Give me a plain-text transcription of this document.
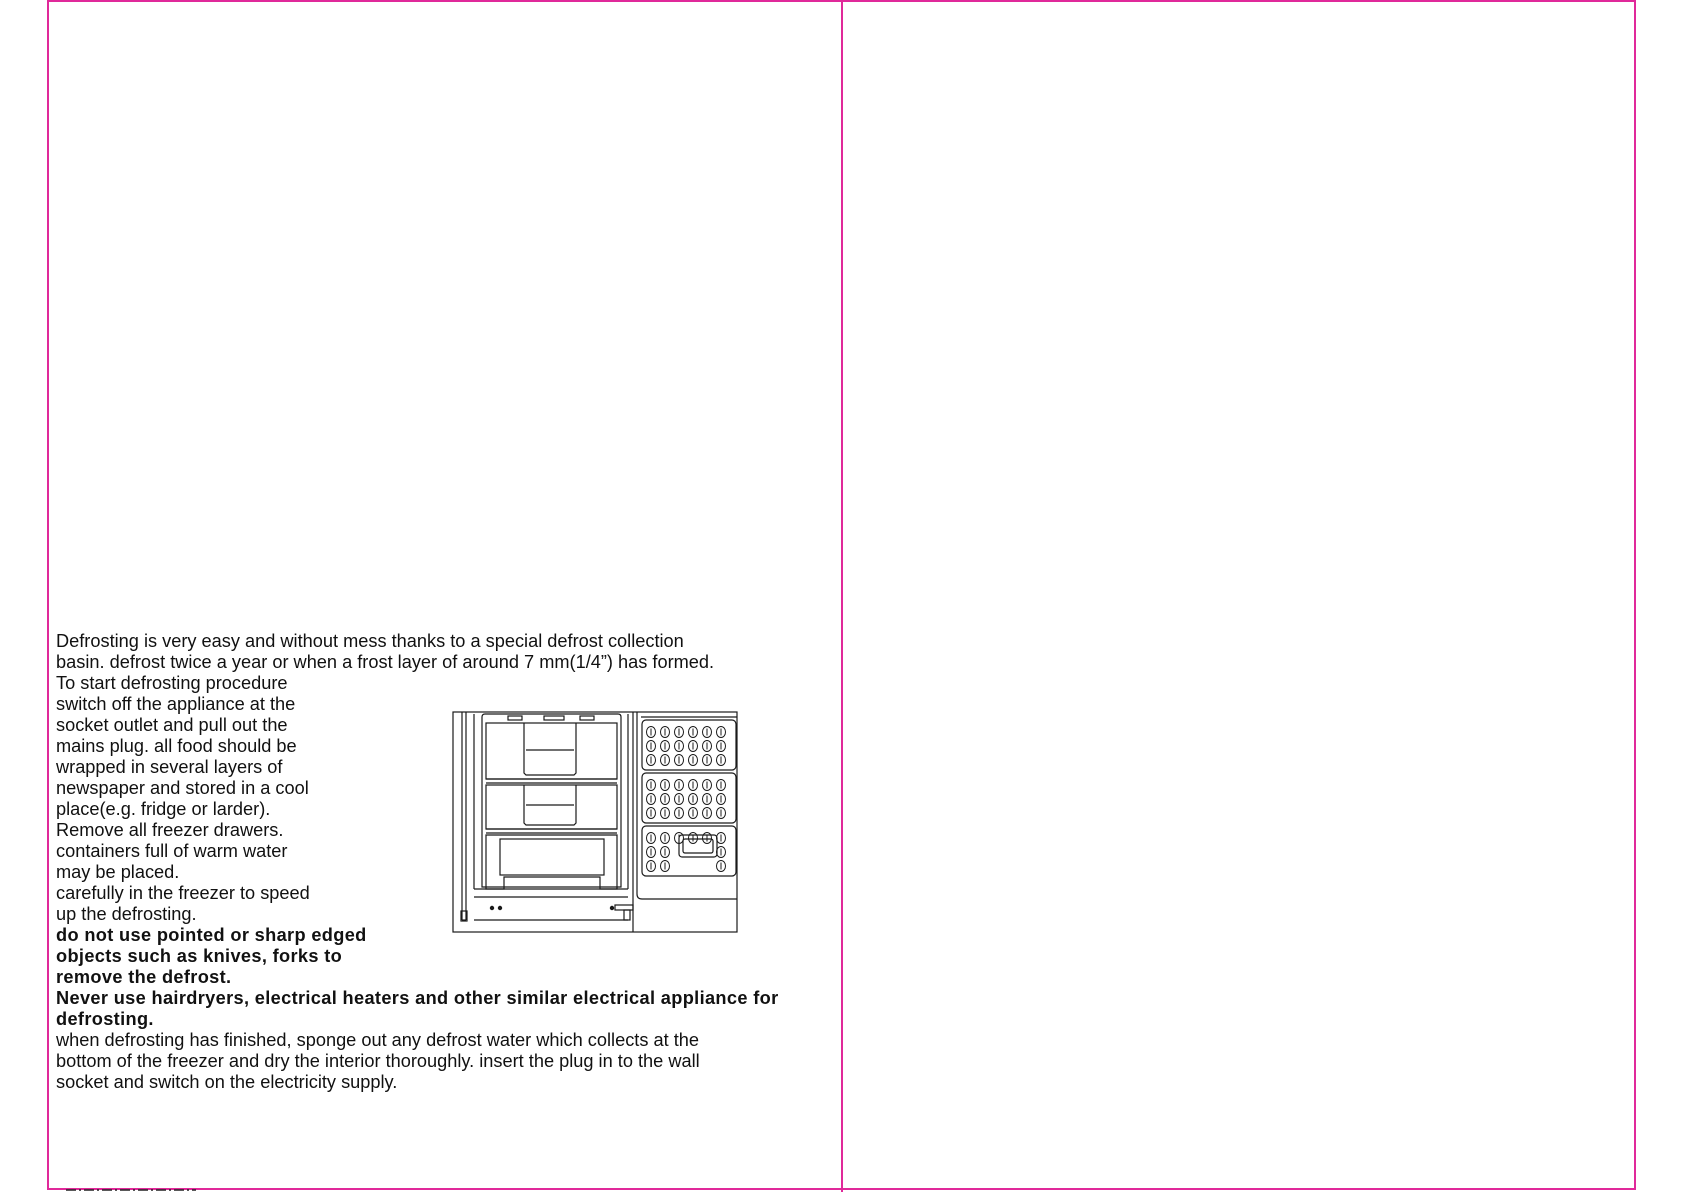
Defrosting is very easy and without mess thanks to a special defrost collection
basin. defrost twice a year or when a frost layer of around 7 mm(1/4”) has formed.
To start defrosting procedure
switch off the appliance at the
socket outlet and pull out the
mains plug. all food should be
wrapped in several layers of
newspaper and stored in a cool
place(e.g. fridge or larder).
Remove all freezer drawers.
containers full of warm water
may be placed.
carefully in the freezer to speed
up the defrosting.
do not use pointed or sharp edged
objects such as knives, forks to
remove the defrost.
Never use hairdryers, electrical heaters and other similar electrical appliance for
defrosting.
when defrosting has finished, sponge out any defrost water which collects at the
bottom of the freezer and dry the interior thoroughly. insert the plug in to the wall
socket and switch on the electricity supply.
